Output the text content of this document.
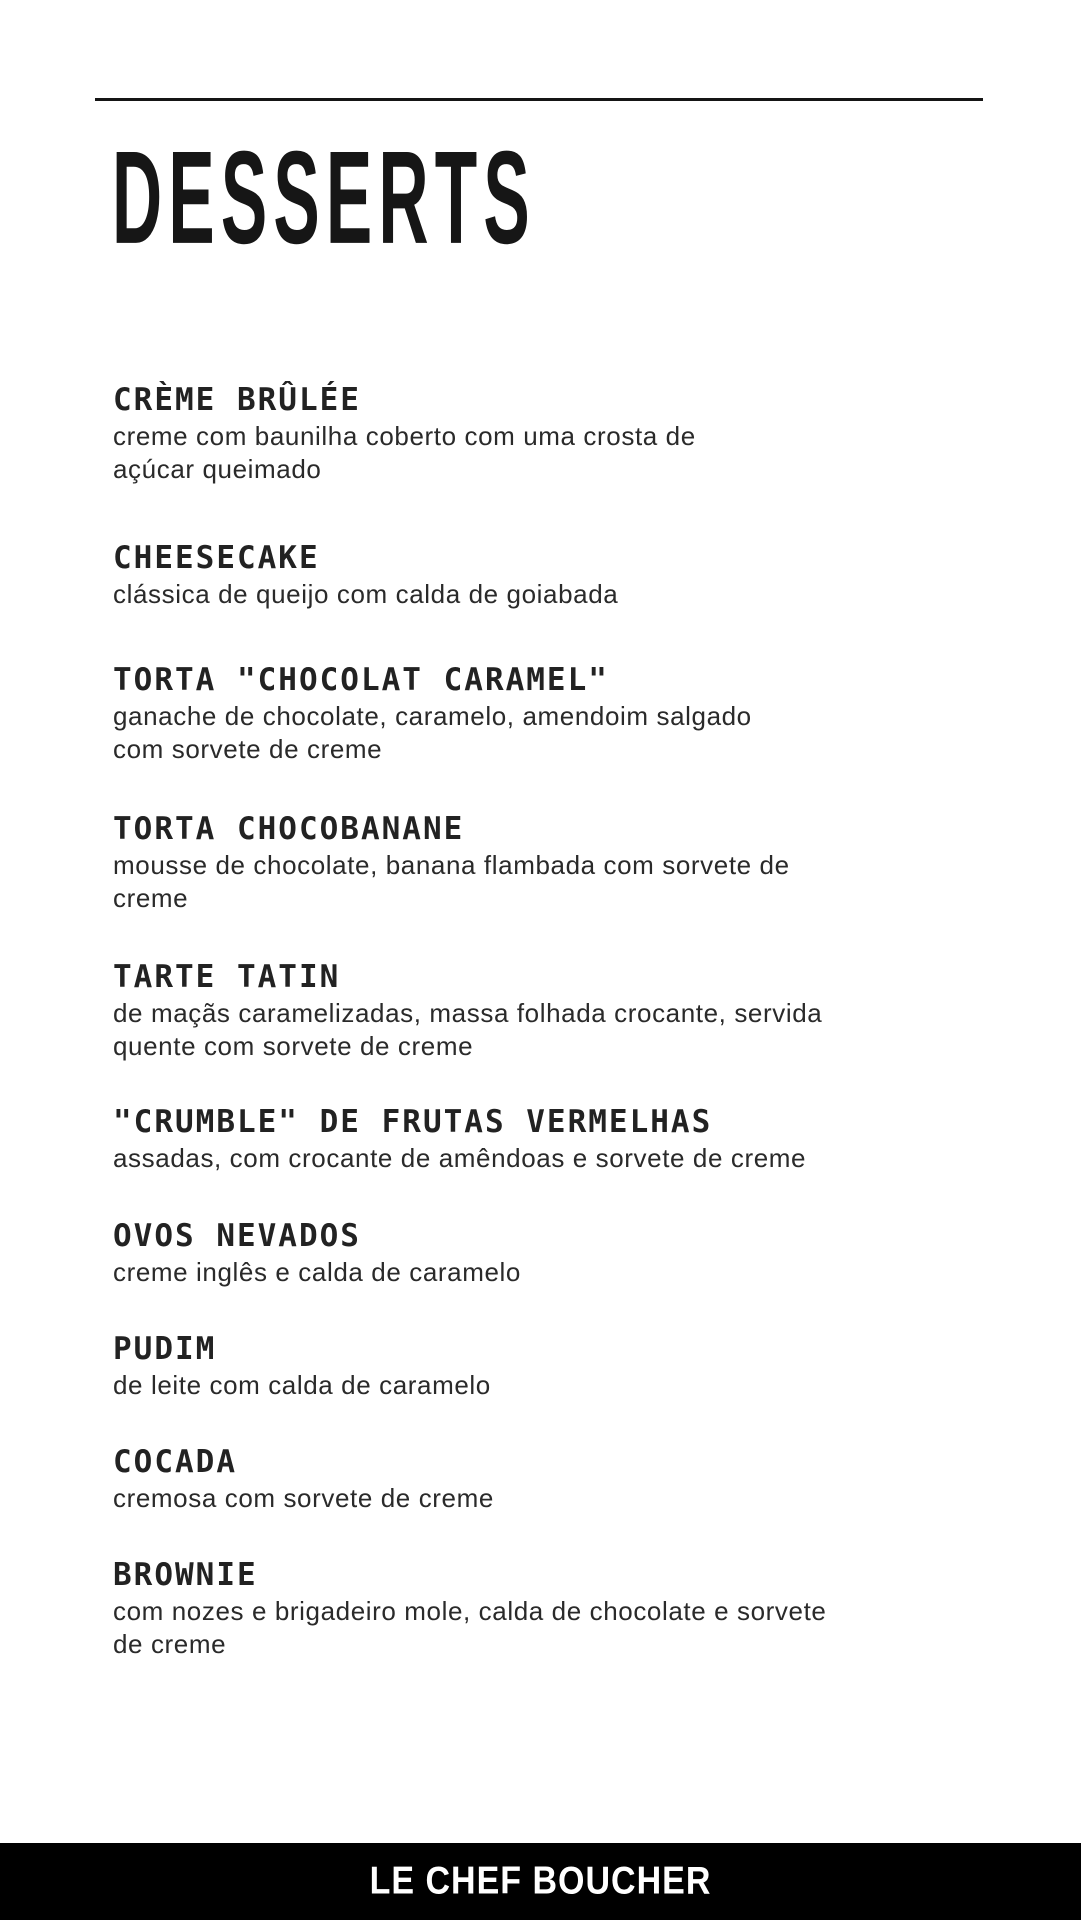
DESSERTS
CRÈME BRÛLÉE
creme com baunilha coberto com uma crosta de
açúcar queimado
CHEESECAKE
clássica de queijo com calda de goiabada
TORTA "CHOCOLAT CARAMEL"
ganache de chocolate, caramelo, amendoim salgado
com sorvete de creme
TORTA CHOCOBANANE
mousse de chocolate, banana flambada com sorvete de
creme
TARTE TATIN
de maçãs caramelizadas, massa folhada crocante, servida
quente com sorvete de creme
"CRUMBLE" DE FRUTAS VERMELHAS
assadas, com crocante de amêndoas e sorvete de creme
OVOS NEVADOS
creme inglês e calda de caramelo
PUDIM
de leite com calda de caramelo
COCADA
cremosa com sorvete de creme
BROWNIE
com nozes e brigadeiro mole, calda de chocolate e sorvete
de creme
LE CHEF BOUCHER
